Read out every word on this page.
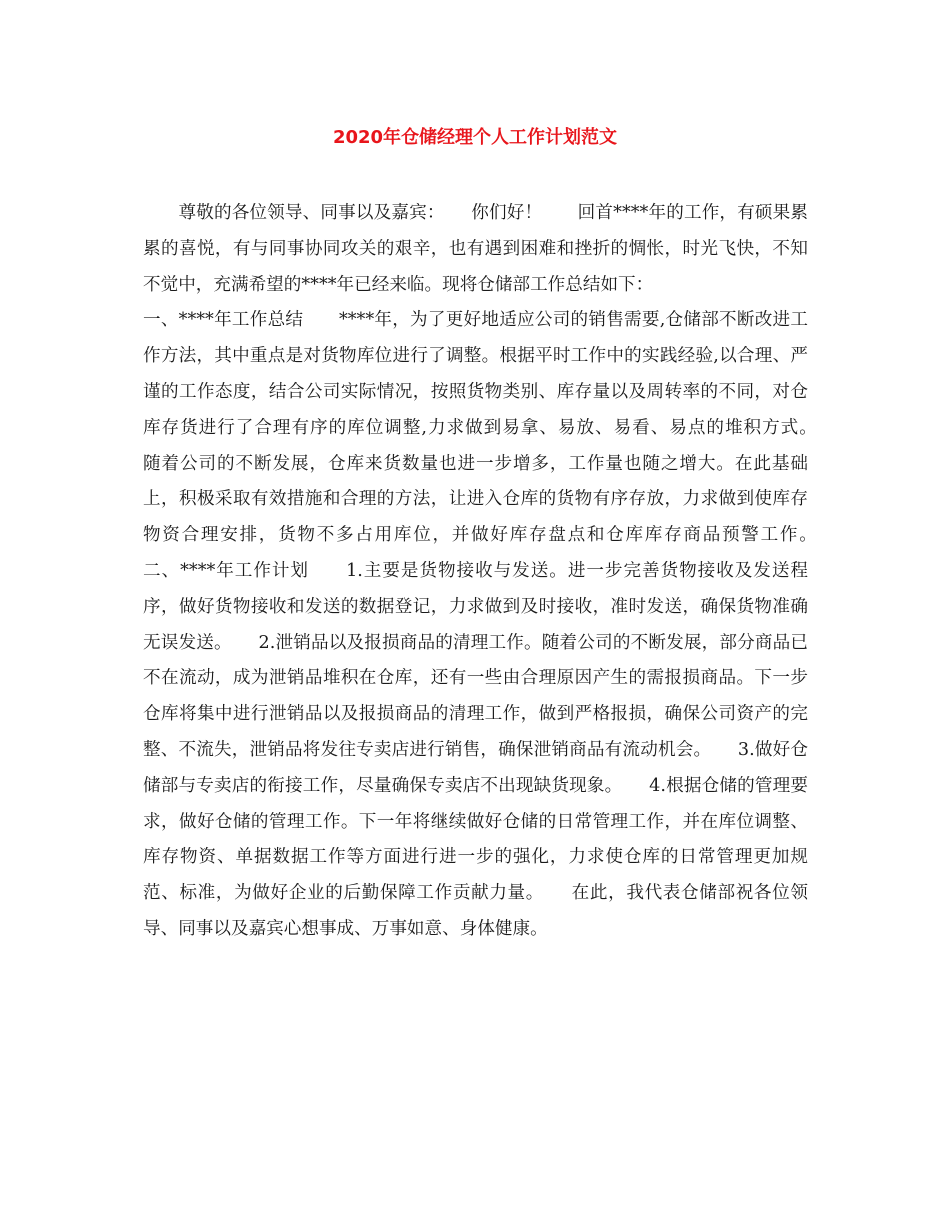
2020年仓储经理个人工作计划范文

　　尊敬的各位领导、同事以及嘉宾：　　你们好！　　回首****年的工作，有硕果累累的喜悦，有与同事协同攻关的艰辛，也有遇到困难和挫折的惆怅，时光飞快，不知不觉中，充满希望的****年已经来临。现将仓储部工作总结如下：
一、****年工作总结　　****年，为了更好地适应公司的销售需要,仓储部不断改进工作方法，其中重点是对货物库位进行了调整。根据平时工作中的实践经验,以合理、严谨的工作态度，结合公司实际情况，按照货物类别、库存量以及周转率的不同，对仓库存货进行了合理有序的库位调整,力求做到易拿、易放、易看、易点的堆积方式。　　随着公司的不断发展，仓库来货数量也进一步增多，工作量也随之增大。在此基础上，积极采取有效措施和合理的方法，让进入仓库的货物有序存放，力求做到使库存物资合理安排，货物不多占用库位，并做好库存盘点和仓库库存商品预警工作。　　二、****年工作计划　　1.主要是货物接收与发送。进一步完善货物接收及发送程序，做好货物接收和发送的数据登记，力求做到及时接收，准时发送，确保货物准确无误发送。　　2.泄销品以及报损商品的清理工作。随着公司的不断发展，部分商品已不在流动，成为泄销品堆积在仓库，还有一些由合理原因产生的需报损商品。下一步仓库将集中进行泄销品以及报损商品的清理工作，做到严格报损，确保公司资产的完整、不流失，泄销品将发往专卖店进行销售，确保泄销商品有流动机会。　　3.做好仓储部与专卖店的衔接工作，尽量确保专卖店不出现缺货现象。　　4.根据仓储的管理要求，做好仓储的管理工作。下一年将继续做好仓储的日常管理工作，并在库位调整、库存物资、单据数据工作等方面进行进一步的强化，力求使仓库的日常管理更加规范、标准，为做好企业的后勤保障工作贡献力量。　　在此，我代表仓储部祝各位领导、同事以及嘉宾心想事成、万事如意、身体健康。
